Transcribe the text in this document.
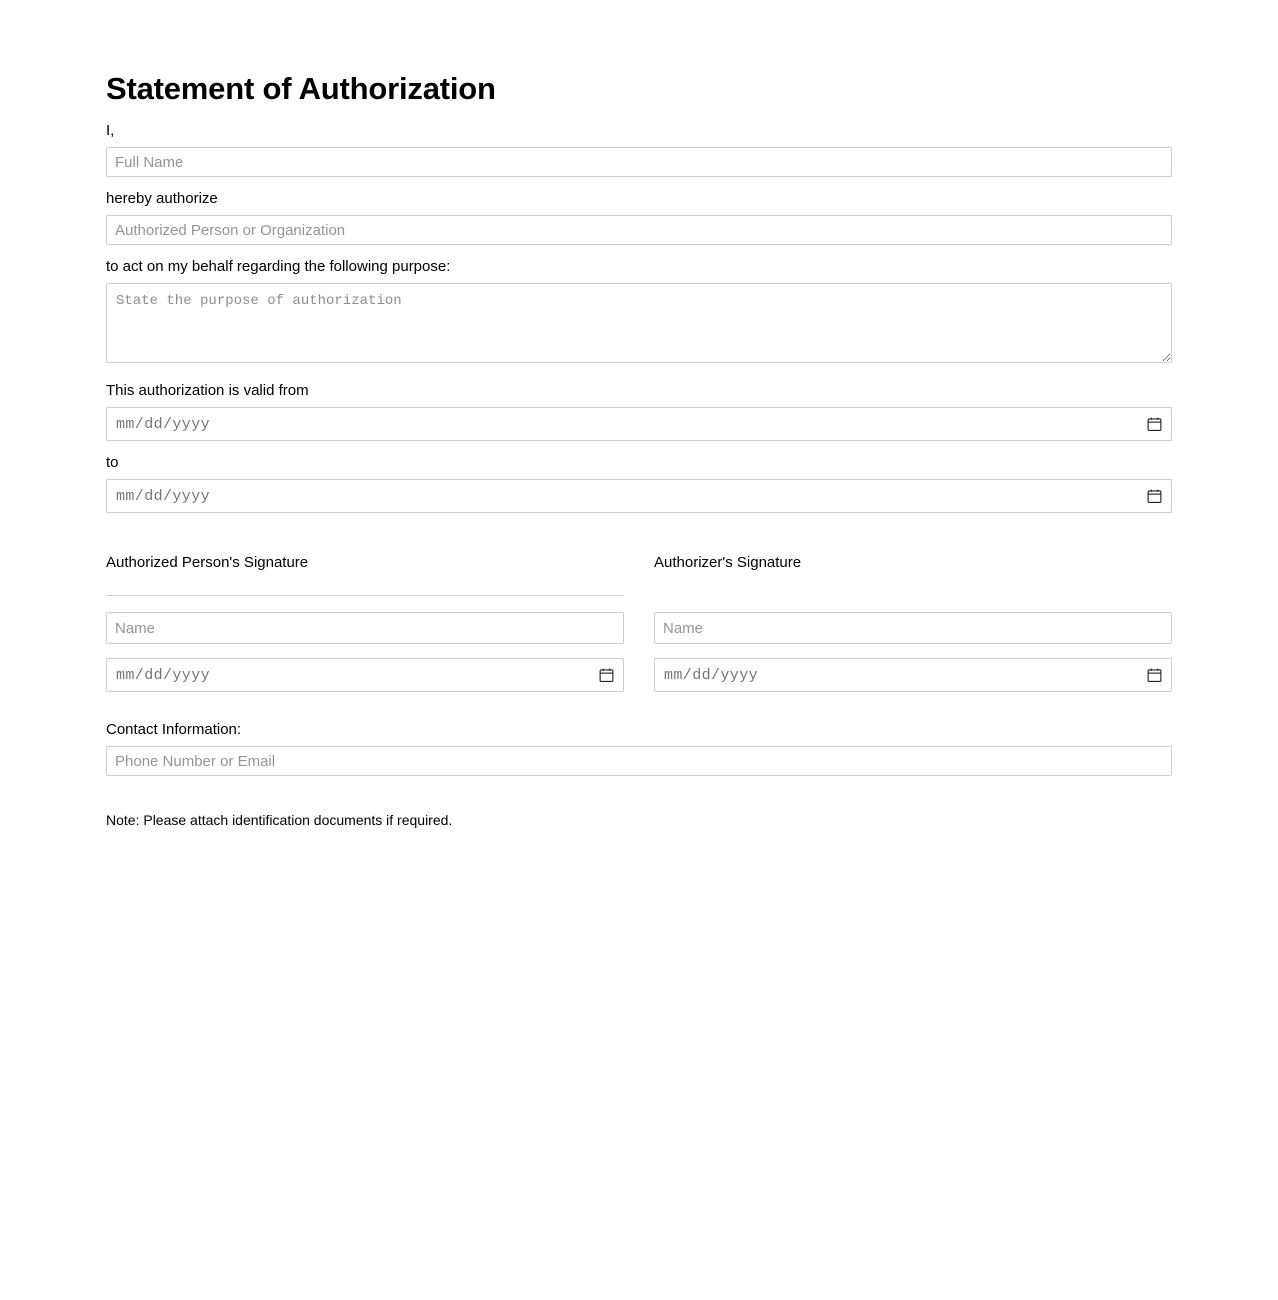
Statement of Authorization

I,

Full Name

hereby authorize

Authorized Person or Organization

to act on my behalf regarding the following purpose:

State the purpose of authorization

This authorization is valid from

mm/dd/yyyy

to

mm/dd/yyyy

Authorized Person's Signature

Name
mm/dd/yyyy	Authorizer's Signature

Name
mm/dd/yyyy

Contact Information:

Phone Number or Email

Note: Please attach identification documents if required.
